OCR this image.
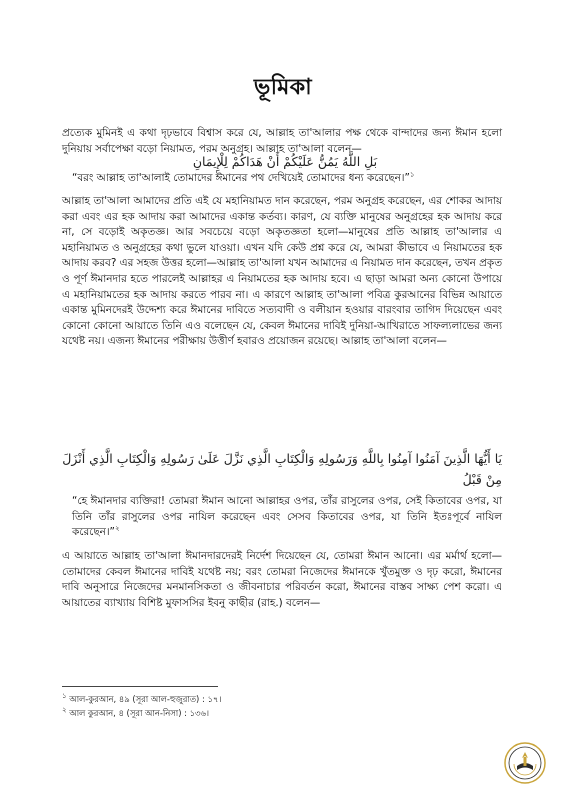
ভূমিকা
প্রত্যেক মুমিনই এ কথা দৃঢ়ভাবে বিশ্বাস করে যে, আল্লাহ তা'আলার পক্ষ থেকে বান্দাদের জন্য ঈমান হলো দুনিয়ায় সর্বাপেক্ষা বড়ো নিয়ামত, পরম অনুগ্রহ। আল্লাহ তা'আলা বলেন—
بَلِ اللَّهُ يَمُنُّ عَلَيْكُمْ أَنْ هَدَاكُمْ لِلْإِيمَانِ
“বরং আল্লাহ তা'আলাই তোমাদের ঈমানের পথ দেখিয়েই তোমাদের ধন্য করেছেন।”$^১$
আল্লাহ তা'আলা আমাদের প্রতি এই যে মহানিয়ামত দান করেছেন, পরম অনুগ্রহ করেছেন, এর শোকর আদায় করা এবং এর হক আদায় করা আমাদের একান্ত কর্তব্য। কারণ, যে ব্যক্তি মানুষের অনুগ্রহের হক আদায় করে না, সে বড়োই অকৃতজ্ঞ। আর সবচেয়ে বড়ো অকৃতজ্ঞতা হলো—মানুষের প্রতি আল্লাহ তা'আলার এ মহানিয়ামত ও অনুগ্রহের কথা ভুলে যাওয়া। এখন যদি কেউ প্রশ্ন করে যে, আমরা কীভাবে এ নিয়ামতের হক আদায় করব? এর সহজ উত্তর হলো—আল্লাহ তা'আলা যখন আমাদের এ নিয়ামত দান করেছেন, তখন প্রকৃত ও পূর্ণ ঈমানদার হতে পারলেই আল্লাহর এ নিয়ামতের হক আদায় হবে। এ ছাড়া আমরা অন্য কোনো উপায়ে এ মহানিয়ামতের হক আদায় করতে পারব না। এ কারণে আল্লাহ তা'আলা পবিত্র কুরআনের বিভিন্ন আয়াতে একান্ত মুমিনদেরই উদ্দেশ্য করে ঈমানের দাবিতে সত্যবাদী ও বলীয়ান হওয়ার বারংবার তাগিদ দিয়েছেন এবং কোনো কোনো আয়াতে তিনি এও বলেছেন যে, কেবল ঈমানের দাবিই দুনিয়া-আখিরাতে সাফল্যলাভের জন্য যথেষ্ট নয়। এজন্য ঈমানের পরীক্ষায় উত্তীর্ণ হবারও প্রয়োজন রয়েছে। আল্লাহ তা'আলা বলেন—
يَا أَيُّهَا الَّذِينَ آمَنُوا آمِنُوا بِاللَّهِ وَرَسُولِهِ وَالْكِتَابِ الَّذِي نَزَّلَ عَلَىٰ رَسُولِهِ وَالْكِتَابِ الَّذِي أَنْزَلَ مِنْ قَبْلُ
“হে ঈমানদার ব্যক্তিরা! তোমরা ঈমান আনো আল্লাহর ওপর, তাঁর রাসুলের ওপর, সেই কিতাবের ওপর, যা তিনি তাঁর রাসুলের ওপর নাযিল করেছেন এবং সেসব কিতাবের ওপর, যা তিনি ইতঃপূর্বে নাযিল করেছেন।”$^২$
এ আয়াতে আল্লাহ তা'আলা ঈমানদারদেরই নির্দেশ দিয়েছেন যে, তোমরা ঈমান আনো। এর মর্মার্থ হলো—তোমাদের কেবল ঈমানের দাবিই যথেষ্ট নয়; বরং তোমরা নিজেদের ঈমানকে খুঁতমুক্ত ও দৃঢ় করো, ঈমানের দাবি অনুসারে নিজেদের মনমানসিকতা ও জীবনাচার পরিবর্তন করো, ঈমানের বাস্তব সাক্ষ্য পেশ করো। এ আয়াতের ব্যাখ্যায় বিশিষ্ট মুফাসসির ইবনু কাছীর (রাহ.) বলেন—
$^১$ আল-কুরআন, ৪৯ (সূরা আল-হুজুরাত) : ১৭।
$^২$ আল কুরআন, ৪ (সূরা আন-নিসা) : ১৩৬।
